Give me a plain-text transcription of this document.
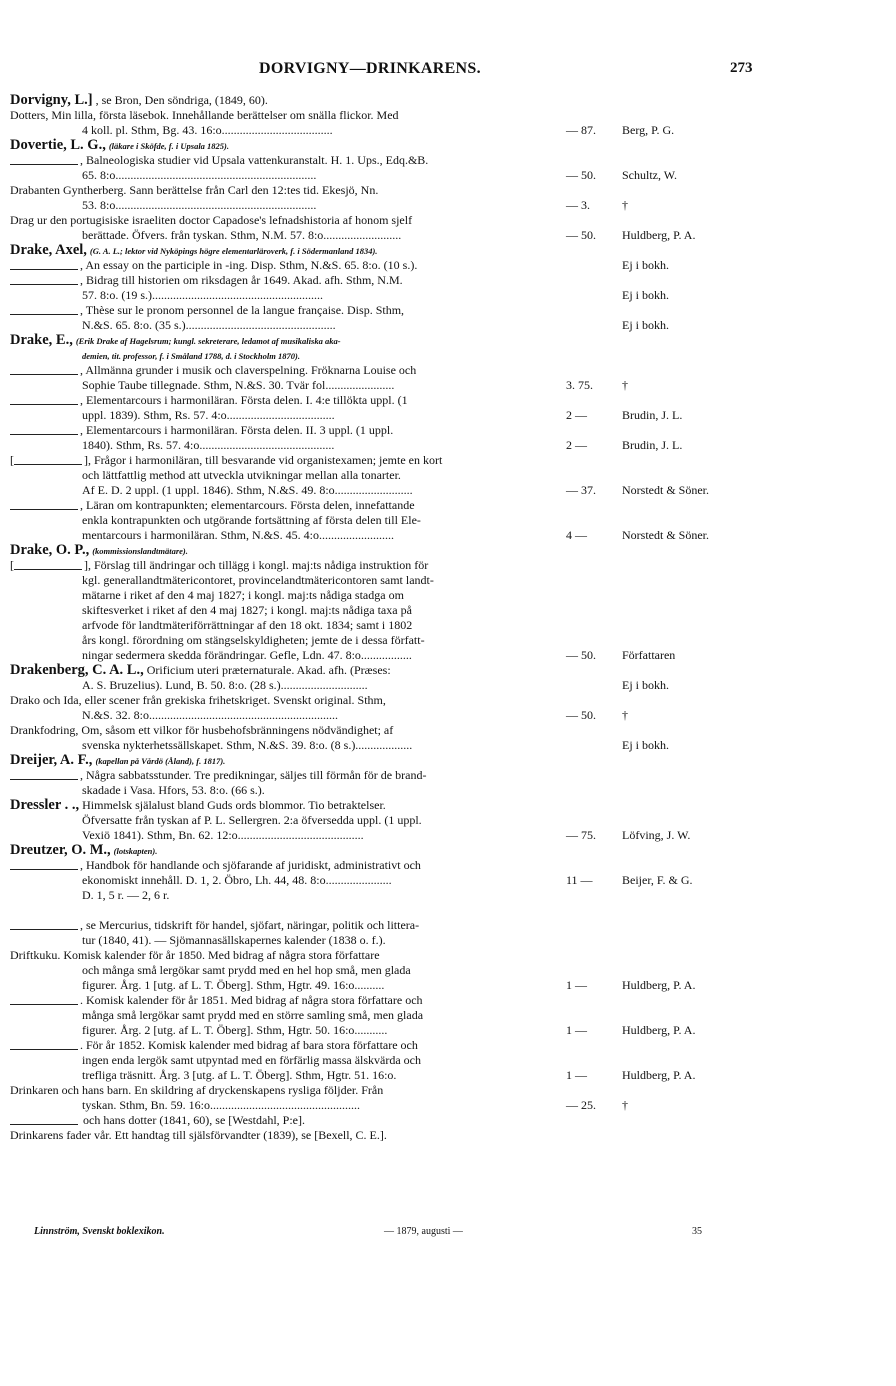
DORVIGNY—DRINKARENS.	273
Dorvigny, L.] , se Bron, Den söndriga, (1849, 60).
Dotters, Min lilla, första läsebok. Innehållande berättelser om snälla flickor. Med
4 koll. pl. Sthm, Bg. 43. 16:o.....................................	— 87.	Berg, P. G.
Dovertie, L. G., (läkare i Sköfde, f. i Upsala 1825).
, Balneologiska studier vid Upsala vattenkuranstalt. H. 1. Ups., Edq.&B.
65. 8:o...................................................................	— 50.	Schultz, W.
Drabanten Gyntherberg. Sann berättelse från Carl den 12:tes tid. Ekesjö, Nn.
53. 8:o...................................................................	— 3.	†
Drag ur den portugisiske israeliten doctor Capadose's lefnadshistoria af honom sjelf
berättade. Öfvers. från tyskan. Sthm, N.M. 57. 8:o..........................	— 50.	Huldberg, P. A.
Drake, Axel, (G. A. L.; lektor vid Nyköpings högre elementarläroverk, f. i Södermanland 1834).
, An essay on the participle in -ing. Disp. Sthm, N.&S. 65. 8:o. (10 s.).	Ej i bokh.
, Bidrag till historien om riksdagen år 1649. Akad. afh. Sthm, N.M.
57. 8:o. (19 s.).........................................................	Ej i bokh.
, Thèse sur le pronom personnel de la langue française. Disp. Sthm,
N.&S. 65. 8:o. (35 s.)..................................................	Ej i bokh.
Drake, E., (Erik Drake af Hagelsrum; kungl. sekreterare, ledamot af musikaliska aka-
demien, tit. professor, f. i Småland 1788, d. i Stockholm 1870).
, Allmänna grunder i musik och claverspelning. Fröknarna Louise och
Sophie Taube tillegnade. Sthm, N.&S. 30. Tvär fol.......................	3. 75.	†
, Elementarcours i harmoniläran. Första delen. I. 4:e tillökta uppl. (1
uppl. 1839). Sthm, Rs. 57. 4:o....................................	2 —	Brudin, J. L.
, Elementarcours i harmoniläran. Första delen. II. 3 uppl. (1 uppl.
1840). Sthm, Rs. 57. 4:o.............................................	2 —	Brudin, J. L.
[	], Frågor i harmoniläran, till besvarande vid organistexamen; jemte en kort
och lättfattlig method att utveckla utvikningar mellan alla tonarter.
Af E. D. 2 uppl. (1 uppl. 1846). Sthm, N.&S. 49. 8:o..........................	— 37.	Norstedt & Söner.
, Läran om kontrapunkten; elementarcours. Första delen, innefattande
enkla kontrapunkten och utgörande fortsättning af första delen till Ele-
mentarcours i harmoniläran. Sthm, N.&S. 45. 4:o.........................	4 —	Norstedt & Söner.
Drake, O. P., (kommissionslandtmätare).
[	], Förslag till ändringar och tillägg i kongl. maj:ts nådiga instruktion för
kgl. generallandtmätericontoret, provincelandtmätericontoren samt landt-
mätarne i riket af den 4 maj 1827; i kongl. maj:ts nådiga stadga om
skiftesverket i riket af den 4 maj 1827; i kongl. maj:ts nådiga taxa på
arfvode för landtmäteriförrättningar af den 18 okt. 1834; samt i 1802
års kongl. förordning om stängselskyldigheten; jemte de i dessa författ-
ningar sedermera skedda förändringar. Gefle, Ldn. 47. 8:o.................	— 50.	Författaren
Drakenberg, C. A. L., Orificium uteri præternaturale. Akad. afh. (Præses:
A. S. Bruzelius). Lund, B. 50. 8:o. (28 s.).............................	Ej i bokh.
Drako och Ida, eller scener från grekiska frihetskriget. Svenskt original. Sthm,
N.&S. 32. 8:o...............................................................	— 50.	†
Drankfodring, Om, såsom ett vilkor för husbehofsbränningens nödvändighet; af
svenska nykterhetssällskapet. Sthm, N.&S. 39. 8:o. (8 s.)...................	Ej i bokh.
Dreijer, A. F., (kapellan på Vårdö (Åland), f. 1817).
, Några sabbatsstunder. Tre predikningar, säljes till förmån för de brand-
skadade i Vasa. Hfors, 53. 8:o. (66 s.).
Dressler . ., Himmelsk själalust bland Guds ords blommor. Tio betraktelser.
Öfversatte från tyskan af P. L. Sellergren. 2:a öfversedda uppl. (1 uppl.
Vexiö 1841). Sthm, Bn. 62. 12:o..........................................	— 75.	Löfving, J. W.
Dreutzer, O. M., (lotskapten).
, Handbok för handlande och sjöfarande af juridiskt, administrativt och
ekonomiskt innehåll. D. 1, 2. Öbro, Lh. 44, 48. 8:o......................	11 —	Beijer, F. & G.
D. 1, 5 r. — 2, 6 r.
, se Mercurius, tidskrift för handel, sjöfart, näringar, politik och littera-
tur (1840, 41). — Sjömannasällskapernes kalender (1838 o. f.).
Driftkuku. Komisk kalender för år 1850. Med bidrag af några stora författare
och mångа små lergökar samt prydd med en hel hop små, men glada
figurer. Årg. 1 [utg. af L. T. Öberg]. Sthm, Hgtr. 49. 16:o..........	1 —	Huldberg, P. A.
. Komisk kalender för år 1851. Med bidrag af några stora författare och
många små lergökar samt prydd med en större samling små, men glada
figurer. Årg. 2 [utg. af L. T. Öberg]. Sthm, Hgtr. 50. 16:o...........	1 —	Huldberg, P. A.
. För år 1852. Komisk kalender med bidrag af bara stora författare och
ingen enda lergök samt utpyntad med en förfärlig massa älskvärda och
trefliga träsnitt. Årg. 3 [utg. af L. T. Öberg]. Sthm, Hgtr. 51. 16:o.	1 —	Huldberg, P. A.
Drinkaren och hans barn. En skildring af dryckenskapens rysliga följder. Från
tyskan. Sthm, Bn. 59. 16:o..................................................	— 25.	†
och hans dotter (1841, 60), se [Westdahl, P:e].
Drinkarens fader vår. Ett handtag till själsförvandter (1839), se [Bexell, C. E.].
Linnström, Svenskt boklexikon.	— 1879, augusti —	35
